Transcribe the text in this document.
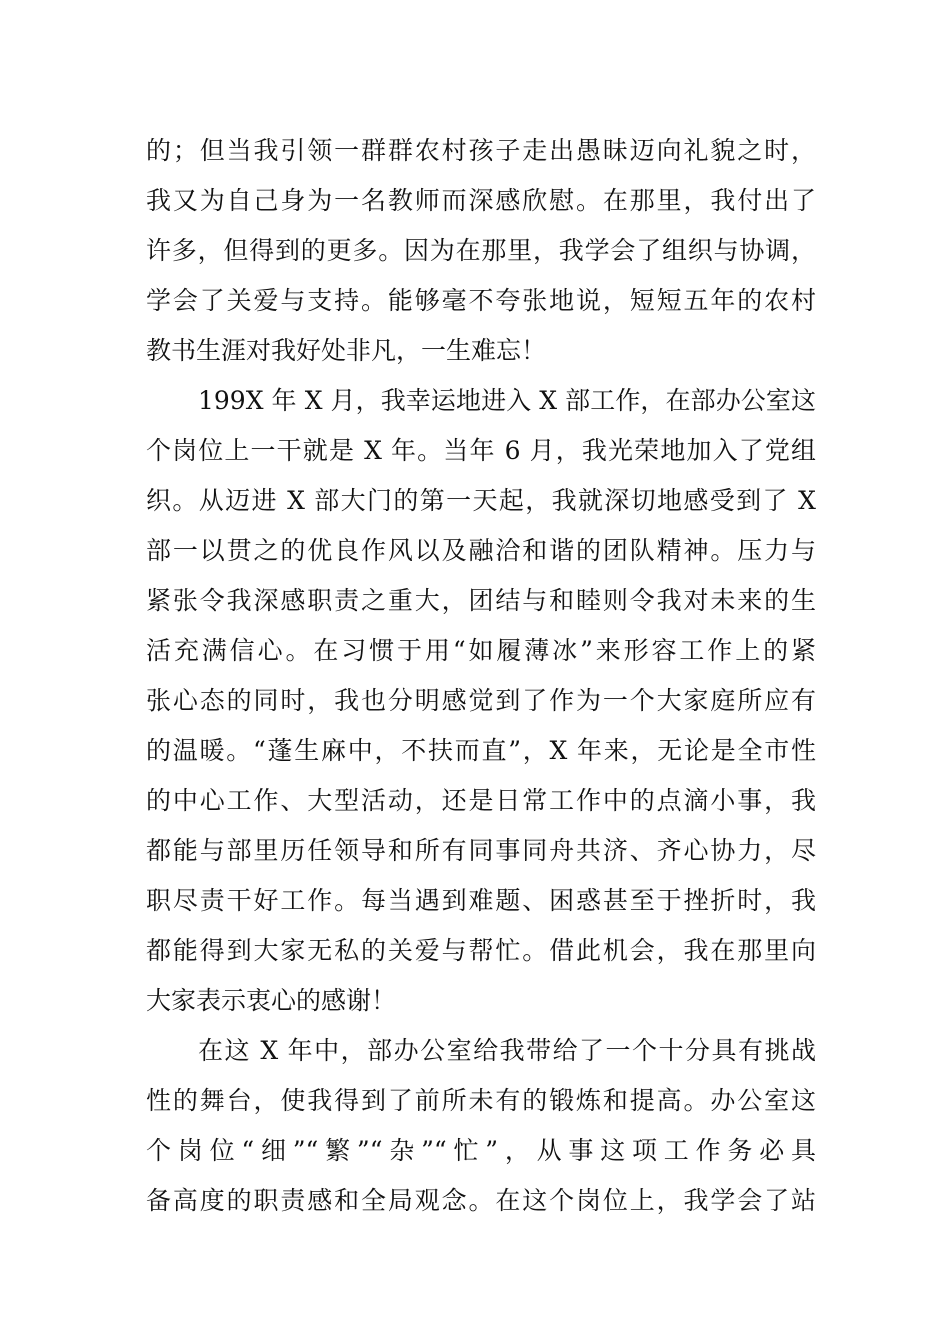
的；但当我引领一群群农村孩子走出愚昧迈向礼貌之时，
我又为自己身为一名教师而深感欣慰。在那里，我付出了
许多，但得到的更多。因为在那里，我学会了组织与协调，
学会了关爱与支持。能够毫不夸张地说，短短五年的农村
教书生涯对我好处非凡，一生难忘！
199X 年 X 月，我幸运地进入 X 部工作，在部办公室这
个岗位上一干就是 X 年。当年 6 月，我光荣地加入了党组
织。从迈进 X 部大门的第一天起，我就深切地感受到了 X
部一以贯之的优良作风以及融洽和谐的团队精神。压力与
紧张令我深感职责之重大，团结与和睦则令我对未来的生
活充满信心。在习惯于用“如履薄冰”来形容工作上的紧
张心态的同时，我也分明感觉到了作为一个大家庭所应有
的温暖。“蓬生麻中，不扶而直”，X 年来，无论是全市性
的中心工作、大型活动，还是日常工作中的点滴小事，我
都能与部里历任领导和所有同事同舟共济、齐心协力，尽
职尽责干好工作。每当遇到难题、困惑甚至于挫折时，我
都能得到大家无私的关爱与帮忙。借此机会，我在那里向
大家表示衷心的感谢！
在这 X 年中，部办公室给我带给了一个十分具有挑战
性的舞台，使我得到了前所未有的锻炼和提高。办公室这
个岗位“细”“繁”“杂”“忙”，从事这项工作务必具
备高度的职责感和全局观念。在这个岗位上，我学会了站
